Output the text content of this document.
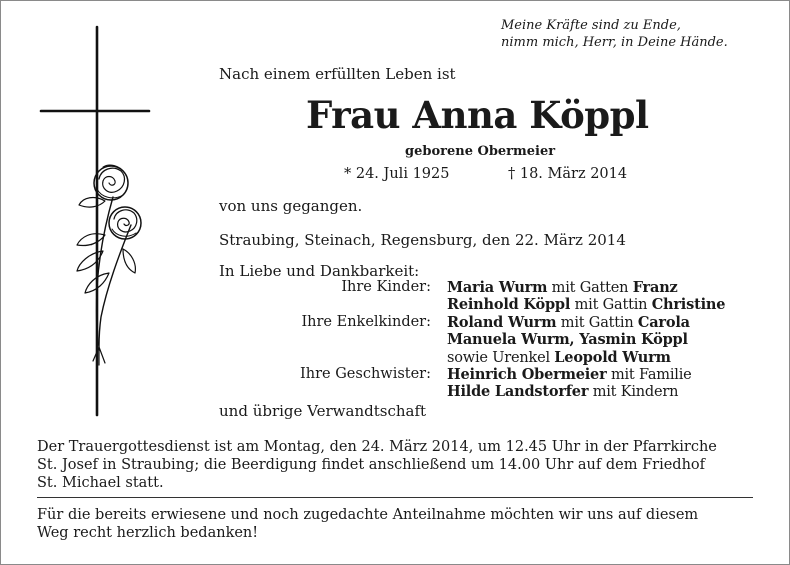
Meine Kräfte sind zu Ende,
nimm mich, Herr, in Deine Hände.
Nach einem erfüllten Leben ist
Frau Anna Köppl
geborene Obermeier
* 24. Juli 1925	† 18. März 2014
von uns gegangen.
Straubing, Steinach, Regensburg, den 22. März 2014
In Liebe und Dankbarkeit:
Ihre Kinder: Maria Wurm mit Gatten Franz
Reinhold Köppl mit Gattin Christine
Ihre Enkelkinder: Roland Wurm mit Gattin Carola
Manuela Wurm, Yasmin Köppl
sowie Urenkel Leopold Wurm
Ihre Geschwister: Heinrich Obermeier mit Familie
Hilde Landstorfer mit Kindern
und übrige Verwandtschaft
Der Trauergottesdienst ist am Montag, den 24. März 2014, um 12.45 Uhr in der Pfarrkirche
St. Josef in Straubing; die Beerdigung findet anschließend um 14.00 Uhr auf dem Friedhof
St. Michael statt.
Für die bereits erwiesene und noch zugedachte Anteilnahme möchten wir uns auf diesem
Weg recht herzlich bedanken!
